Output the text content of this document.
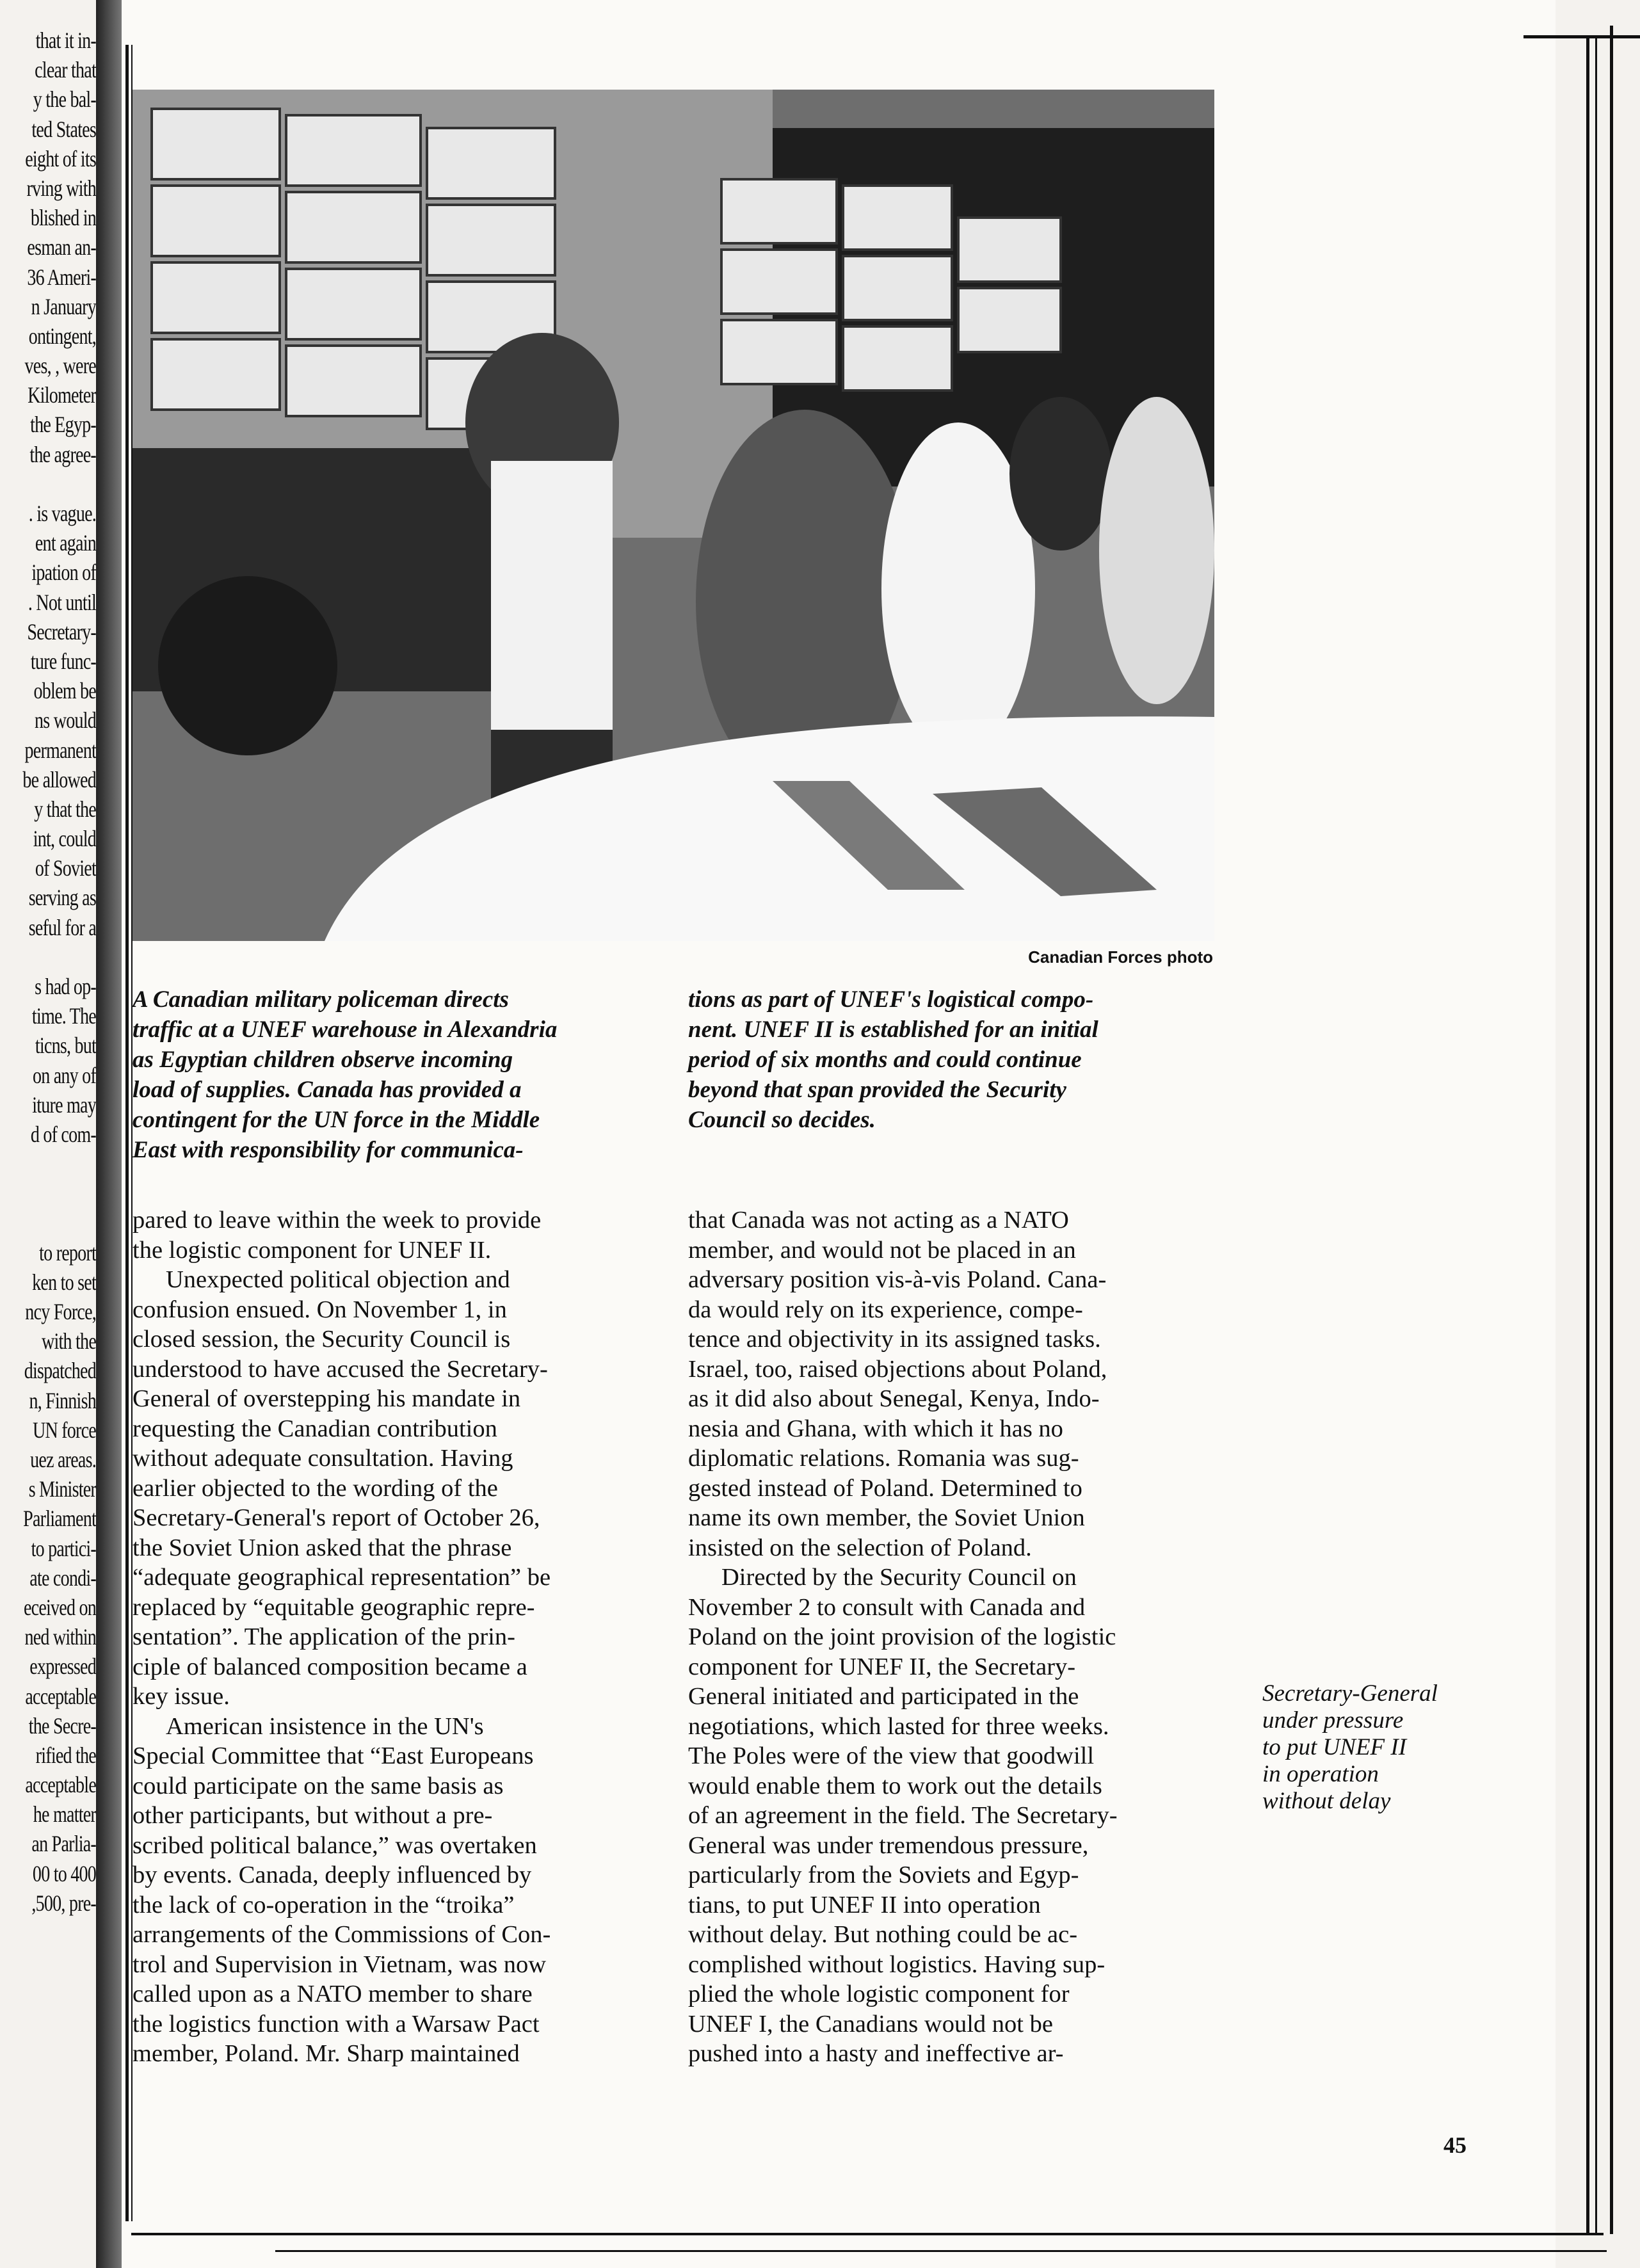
that it in-
clear that
y the bal-
ted States
eight of its
rving with
blished in
esman an-
36 Ameri-
n January
ontingent,
ves, , were
Kilometer
the Egyp-
the agree-
. is vague.
ent again
ipation of
. Not until
Secretary-
ture func-
oblem be
ns would
permanent
be allowed
y that the
int, could
of Soviet
serving as
seful for a
s had op-
time. The
ticns, but
on any of
iture may
d of com-
to report
ken to set
ncy Force,
with the
dispatched
n, Finnish
UN force
uez areas.
s Minister
Parliament
to partici-
ate condi-
eceived on
ned within
expressed
acceptable
the Secre-
rified the
acceptable
he matter
an Parlia-
00 to 400
,500, pre-
Canadian Forces photo
A Canadian military policeman directs
traffic at a UNEF warehouse in Alexandria
as Egyptian children observe incoming
load of supplies. Canada has provided a
contingent for the UN force in the Middle
East with responsibility for communica-
tions as part of UNEF's logistical compo-
nent. UNEF II is established for an initial
period of six months and could continue
beyond that span provided the Security
Council so decides.
pared to leave within the week to provide
the logistic component for UNEF II.
Unexpected political objection and
confusion ensued. On November 1, in
closed session, the Security Council is
understood to have accused the Secretary-
General of overstepping his mandate in
requesting the Canadian contribution
without adequate consultation. Having
earlier objected to the wording of the
Secretary-General's report of October 26,
the Soviet Union asked that the phrase
“adequate geographical representation” be
replaced by “equitable geographic repre-
sentation”. The application of the prin-
ciple of balanced composition became a
key issue.
American insistence in the UN's
Special Committee that “East Europeans
could participate on the same basis as
other participants, but without a pre-
scribed political balance,” was overtaken
by events. Canada, deeply influenced by
the lack of co-operation in the “troika”
arrangements of the Commissions of Con-
trol and Supervision in Vietnam, was now
called upon as a NATO member to share
the logistics function with a Warsaw Pact
member, Poland. Mr. Sharp maintained
that Canada was not acting as a NATO
member, and would not be placed in an
adversary position vis-à-vis Poland. Cana-
da would rely on its experience, compe-
tence and objectivity in its assigned tasks.
Israel, too, raised objections about Poland,
as it did also about Senegal, Kenya, Indo-
nesia and Ghana, with which it has no
diplomatic relations. Romania was sug-
gested instead of Poland. Determined to
name its own member, the Soviet Union
insisted on the selection of Poland.
Directed by the Security Council on
November 2 to consult with Canada and
Poland on the joint provision of the logistic
component for UNEF II, the Secretary-
General initiated and participated in the
negotiations, which lasted for three weeks.
The Poles were of the view that goodwill
would enable them to work out the details
of an agreement in the field. The Secretary-
General was under tremendous pressure,
particularly from the Soviets and Egyp-
tians, to put UNEF II into operation
without delay. But nothing could be ac-
complished without logistics. Having sup-
plied the whole logistic component for
UNEF I, the Canadians would not be
pushed into a hasty and ineffective ar-
Secretary-General
under pressure
to put UNEF II
in operation
without delay
45
